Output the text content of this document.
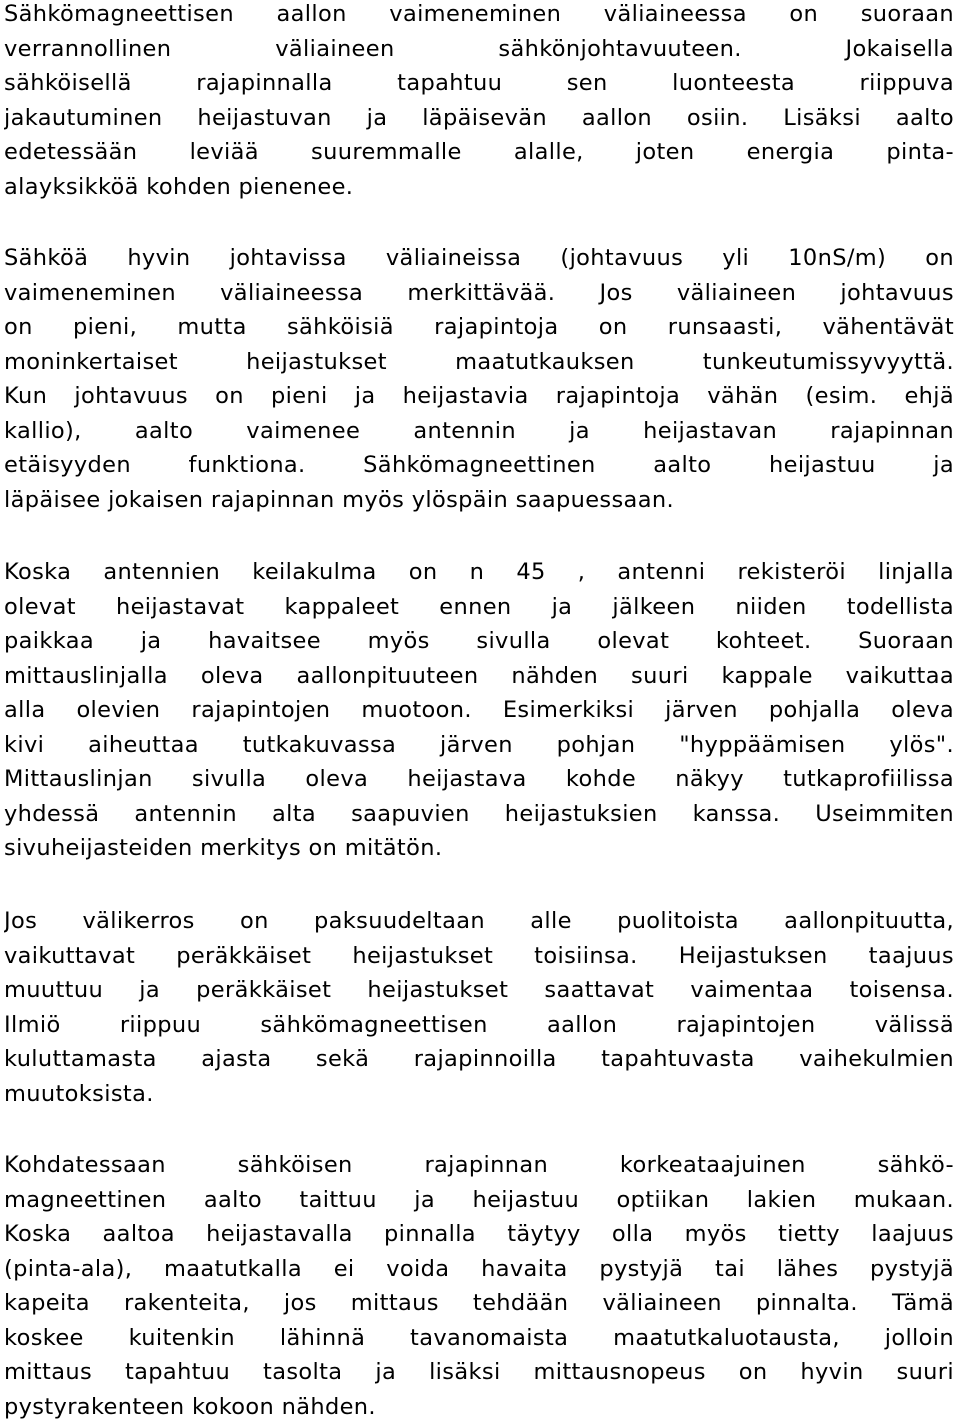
Sähkömagneettisen aallon vaimeneminen väliaineessa on suoraan
verrannollinen väliaineen sähkönjohtavuuteen. Jokaisella
sähköisellä rajapinnalla tapahtuu sen luonteesta riippuva
jakautuminen heijastuvan ja läpäisevän aallon osiin. Lisäksi aalto
edetessään leviää suuremmalle alalle, joten energia pinta-
alayksikköä kohden pienenee.

Sähköä hyvin johtavissa väliaineissa (johtavuus yli 10nS/m) on
vaimeneminen väliaineessa merkittävää. Jos väliaineen johtavuus
on pieni, mutta sähköisiä rajapintoja on runsaasti, vähentävät
moninkertaiset heijastukset maatutkauksen tunkeutumissyvyyttä.
Kun johtavuus on pieni ja heijastavia rajapintoja vähän (esim. ehjä
kallio), aalto vaimenee antennin ja heijastavan rajapinnan
etäisyyden funktiona. Sähkömagneettinen aalto heijastuu ja
läpäisee jokaisen rajapinnan myös ylöspäin saapuessaan.

Koska antennien keilakulma on n 45 , antenni rekisteröi linjalla
olevat heijastavat kappaleet ennen ja jälkeen niiden todellista
paikkaa ja havaitsee myös sivulla olevat kohteet. Suoraan
mittauslinjalla oleva aallonpituuteen nähden suuri kappale vaikuttaa
alla olevien rajapintojen muotoon. Esimerkiksi järven pohjalla oleva
kivi aiheuttaa tutkakuvassa järven pohjan "hyppäämisen ylös".
Mittauslinjan sivulla oleva heijastava kohde näkyy tutkaprofiilissa
yhdessä antennin alta saapuvien heijastuksien kanssa. Useimmiten
sivuheijasteiden merkitys on mitätön.

Jos välikerros on paksuudeltaan alle puolitoista aallonpituutta,
vaikuttavat peräkkäiset heijastukset toisiinsa. Heijastuksen taajuus
muuttuu ja peräkkäiset heijastukset saattavat vaimentaa toisensa.
Ilmiö riippuu sähkömagneettisen aallon rajapintojen välissä
kuluttamasta ajasta sekä rajapinnoilla tapahtuvasta vaihekulmien
muutoksista.

Kohdatessaan sähköisen rajapinnan korkeataajuinen sähkö-
magneettinen aalto taittuu ja heijastuu optiikan lakien mukaan.
Koska aaltoa heijastavalla pinnalla täytyy olla myös tietty laajuus
(pinta-ala), maatutkalla ei voida havaita pystyjä tai lähes pystyjä
kapeita rakenteita, jos mittaus tehdään väliaineen pinnalta. Tämä
koskee kuitenkin lähinnä tavanomaista maatutkaluotausta, jolloin
mittaus tapahtuu tasolta ja lisäksi mittausnopeus on hyvin suuri
pystyrakenteen kokoon nähden.
